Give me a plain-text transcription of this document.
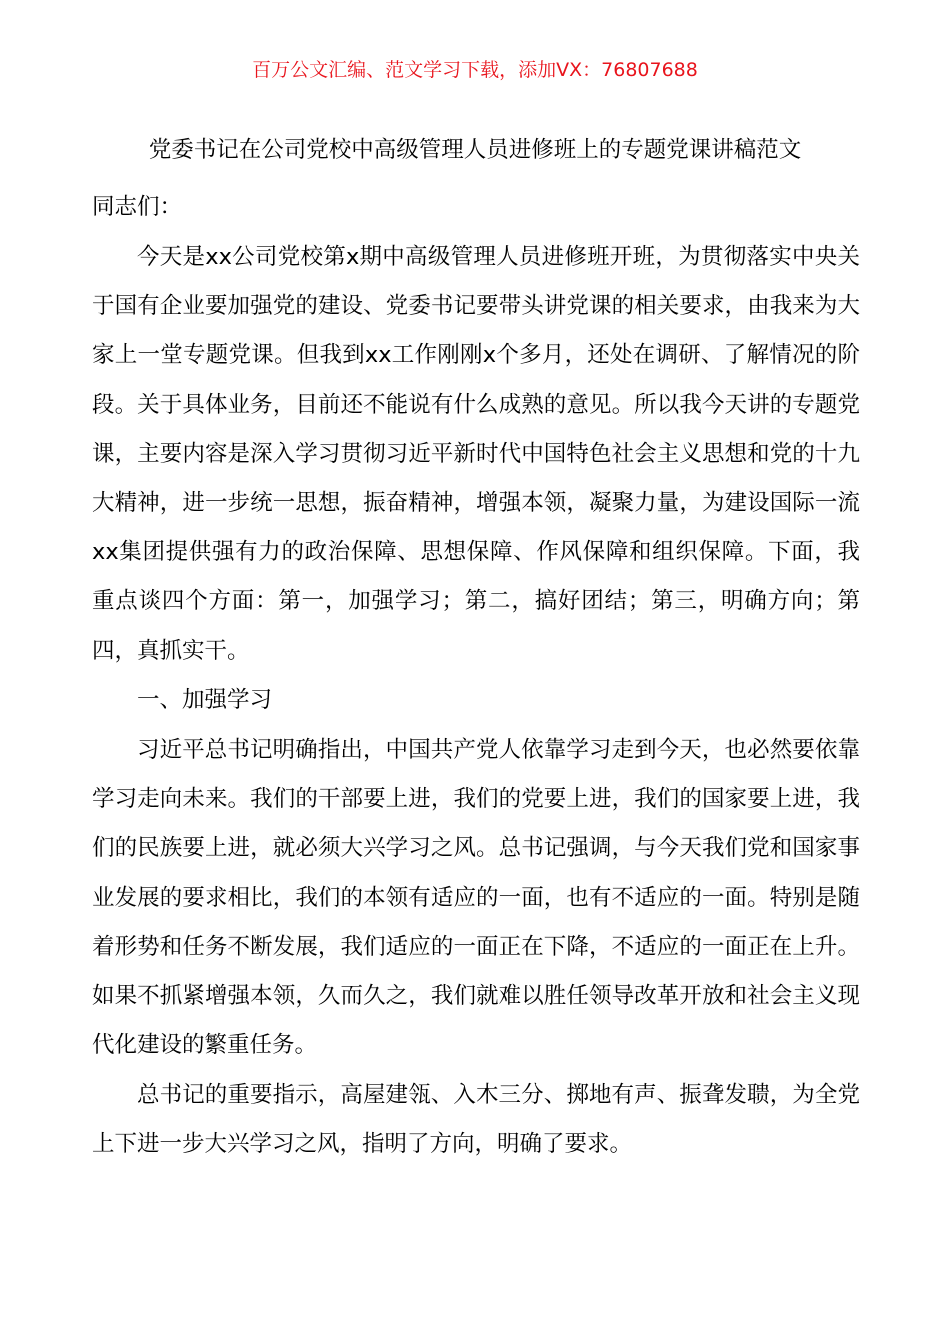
百万公文汇编、范文学习下载，添加VX：76807688
党委书记在公司党校中高级管理人员进修班上的专题党课讲稿范文
同志们：

今天是xx公司党校第x期中高级管理人员进修班开班，为贯彻落实中央关于国有企业要加强党的建设、党委书记要带头讲党课的相关要求，由我来为大家上一堂专题党课。但我到xx工作刚刚x个多月，还处在调研、了解情况的阶段。关于具体业务，目前还不能说有什么成熟的意见。所以我今天讲的专题党课，主要内容是深入学习贯彻习近平新时代中国特色社会主义思想和党的十九大精神，进一步统一思想，振奋精神，增强本领，凝聚力量，为建设国际一流xx集团提供强有力的政治保障、思想保障、作风保障和组织保障。下面，我重点谈四个方面：第一，加强学习；第二，搞好团结；第三，明确方向；第四，真抓实干。

一、加强学习

习近平总书记明确指出，中国共产党人依靠学习走到今天，也必然要依靠学习走向未来。我们的干部要上进，我们的党要上进，我们的国家要上进，我们的民族要上进，就必须大兴学习之风。总书记强调，与今天我们党和国家事业发展的要求相比，我们的本领有适应的一面，也有不适应的一面。特别是随着形势和任务不断发展，我们适应的一面正在下降，不适应的一面正在上升。如果不抓紧增强本领，久而久之，我们就难以胜任领导改革开放和社会主义现代化建设的繁重任务。

总书记的重要指示，高屋建瓴、入木三分、掷地有声、振聋发聩，为全党上下进一步大兴学习之风，指明了方向，明确了要求。
